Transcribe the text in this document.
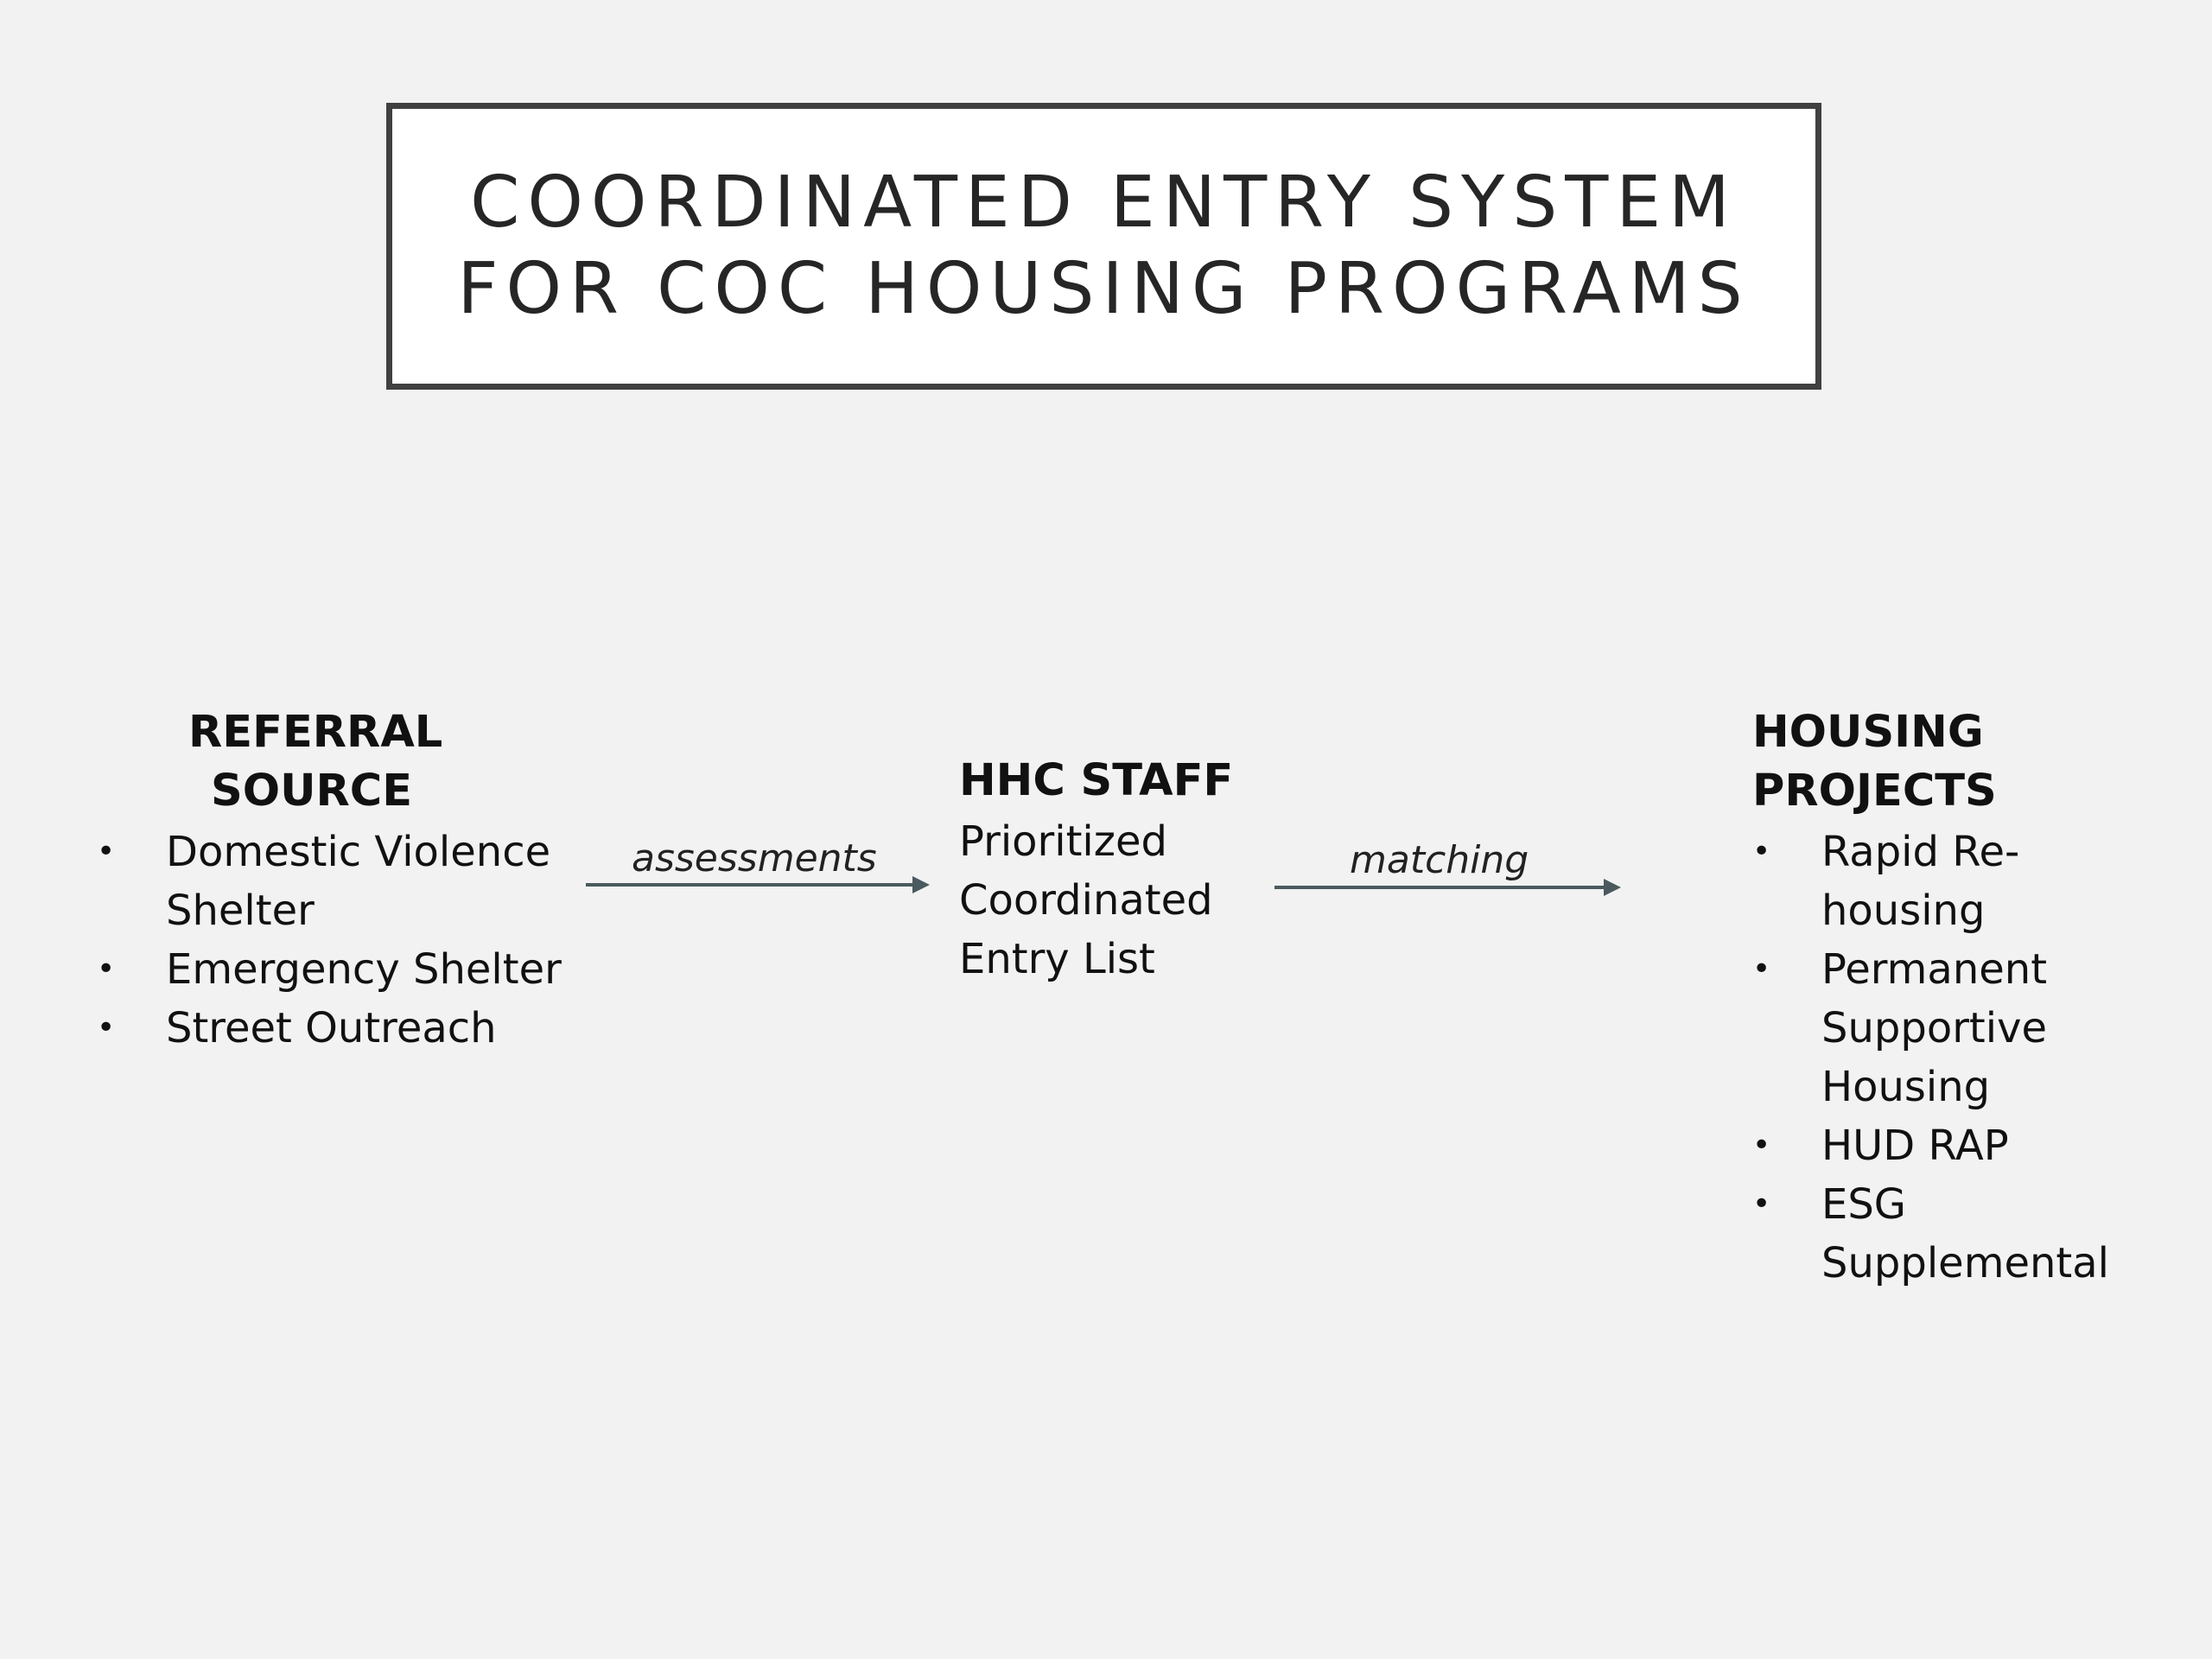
COORDINATED ENTRY SYSTEM
FOR COC HOUSING PROGRAMS
REFERRAL
SOURCE
• Domestic Violence
Shelter
• Emergency Shelter
• Street Outreach
assessments	matching
HHC STAFF
Prioritized
Coordinated
Entry List
HOUSING
PROJECTS
• Rapid Re-
housing
• Permanent
Supportive
Housing
• HUD RAP
• ESG
Supplemental
